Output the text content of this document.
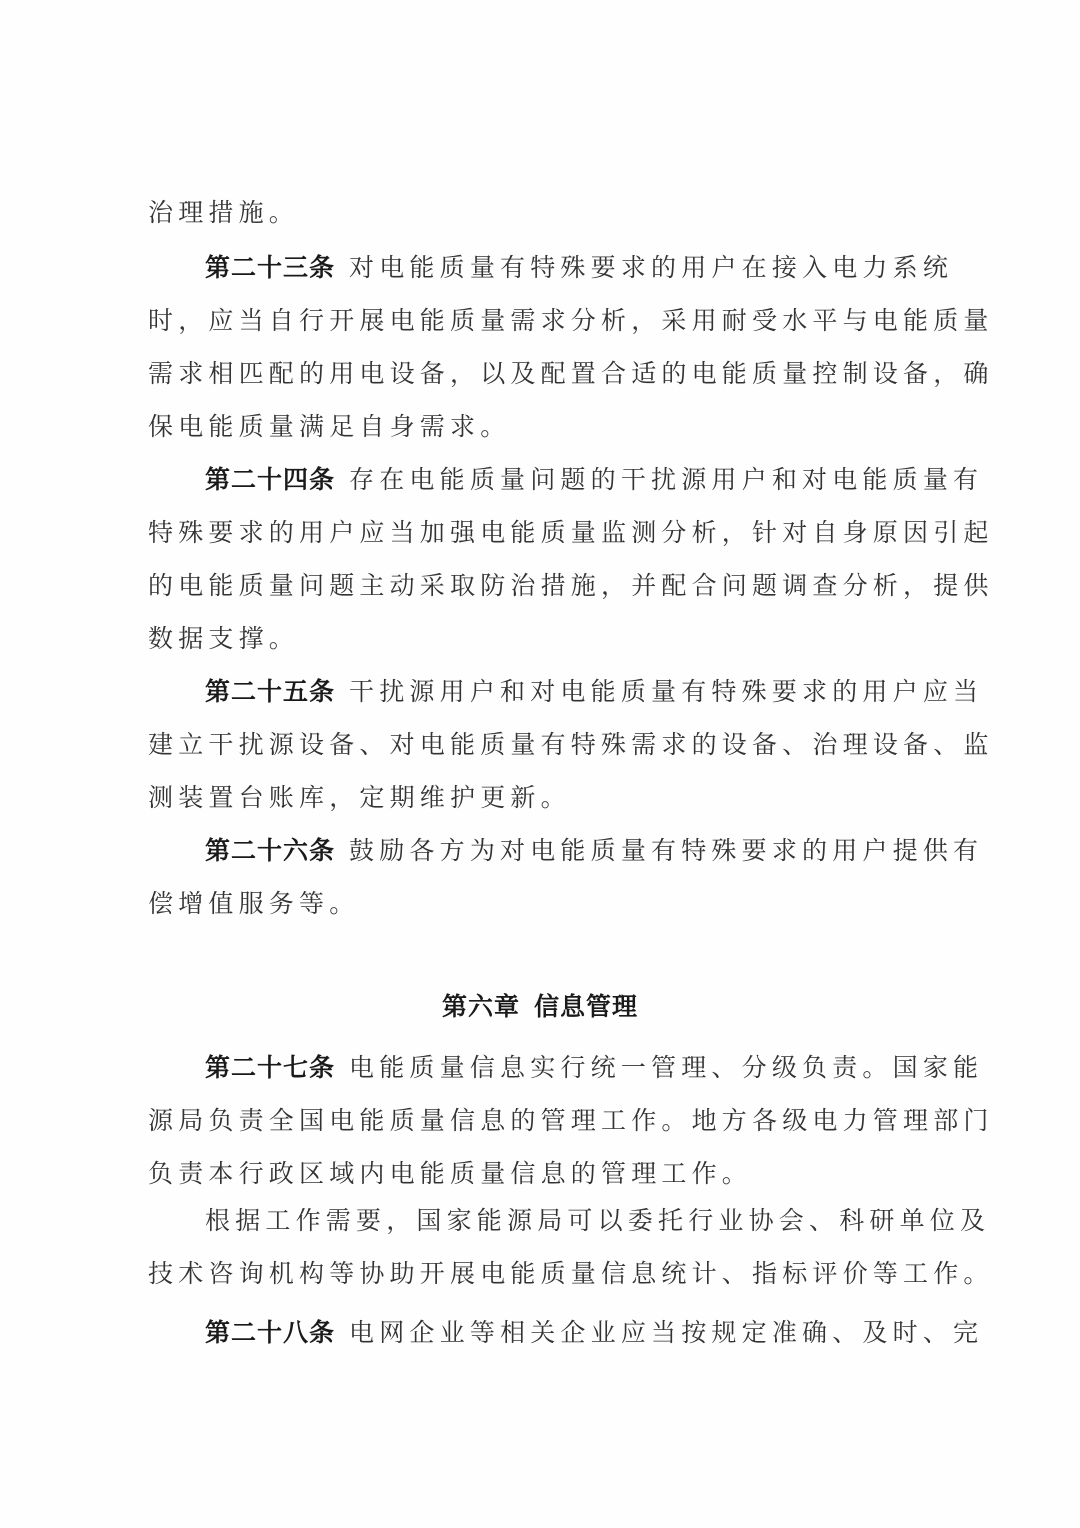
治理措施。
第二十三条 对电能质量有特殊要求的用户在接入电力系统
时，应当自行开展电能质量需求分析，采用耐受水平与电能质量
需求相匹配的用电设备，以及配置合适的电能质量控制设备，确
保电能质量满足自身需求。
第二十四条 存在电能质量问题的干扰源用户和对电能质量有
特殊要求的用户应当加强电能质量监测分析，针对自身原因引起
的电能质量问题主动采取防治措施，并配合问题调查分析，提供
数据支撑。
第二十五条 干扰源用户和对电能质量有特殊要求的用户应当
建立干扰源设备、对电能质量有特殊需求的设备、治理设备、监
测装置台账库，定期维护更新。
第二十六条 鼓励各方为对电能质量有特殊要求的用户提供有
偿增值服务等。
第六章 信息管理
第二十七条 电能质量信息实行统一管理、分级负责。国家能
源局负责全国电能质量信息的管理工作。地方各级电力管理部门
负责本行政区域内电能质量信息的管理工作。
根据工作需要，国家能源局可以委托行业协会、科研单位及
技术咨询机构等协助开展电能质量信息统计、指标评价等工作。
第二十八条 电网企业等相关企业应当按规定准确、及时、完
